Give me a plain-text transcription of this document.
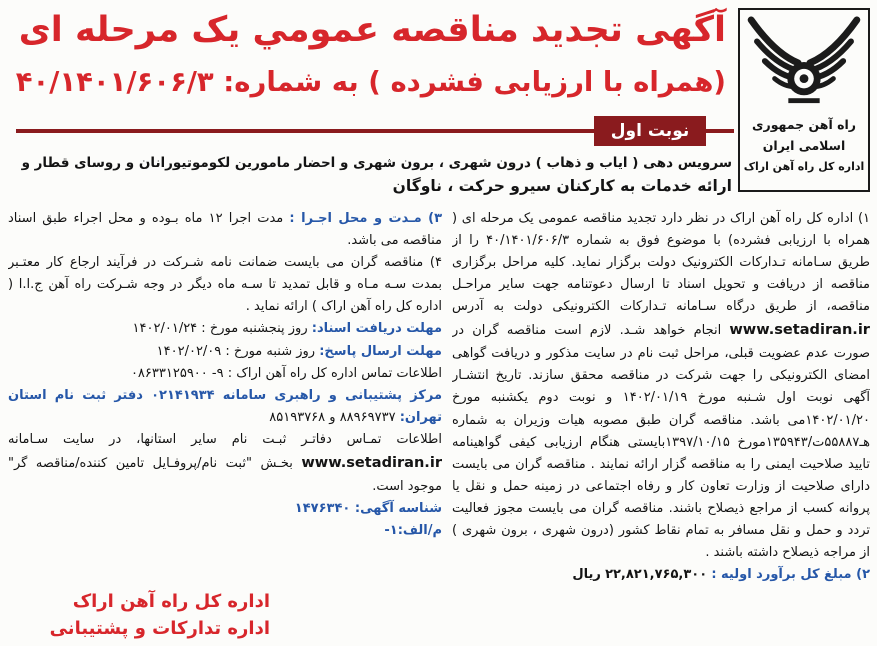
راه آهن جمهوری
اسلامی ایران
اداره کل راه آهن اراک
آگهی تجدید مناقصه عمومي يک مرحله ای
(همراه با ارزیابی فشرده ) به شماره: ۴۰/۱۴۰۱/۶۰۶/۳
نوبت اول
سرویس دهی ( ایاب و ذهاب ) درون شهری ، برون شهری و احضار مامورین لکوموتیورانان و روسای قطار و
ارائه خدمات به کارکنان سیرو حرکت ، ناوگان

۱) اداره کل راه آهن اراک در نظر دارد تجدید مناقصه عمومی یک مرحله ای ( همراه با ارزیابی فشرده) با موضوع فوق به شماره ۴۰/۱۴۰۱/۶۰۶/۳ را از طریق سـامانه تـدارکات الکترونیک دولت برگزار نماید. کلیه مراحل برگزاری مناقصه از دریافت و تحویل اسناد تا ارسال دعوتنامه جهت سایر مراحـل مناقصه، از طریق درگاه سـامانه تـدارکات الکترونیکی دولت به آدرس www.setadiran.ir انجام خواهد شـد. لازم است مناقصه گران در صورت عدم عضویت قبلی، مراحل ثبت نام در سایت مذکور و دریافت گواهی امضای الکترونیکی را جهت شرکت در مناقصه محقق سازند. تاریخ انتشـار آگهی نوبت اول شـنبه مورخ ۱۴۰۲/۰۱/۱۹ و نوبت دوم یکشنبه مورخ ۱۴۰۲/۰۱/۲۰می باشد. مناقصه گران طبق مصوبه هیات وزیران به شماره هـ۵۵۸۸۷ت/۱۳۵۹۴۳مورخ ۱۳۹۷/۱۰/۱۵بایستی هنگام ارزیابی کیفی گواهینامه تایید صلاحیت ایمنی را به مناقصه گزار ارائه نمایند . مناقصه گران می بایست دارای صلاحیت از وزارت تعاون کار و رفاه اجتماعی در زمینه حمل و نقل یا پروانه کسب از مراجع ذیصلاح باشند. مناقصه گران می بایست مجوز فعالیت تردد و حمل و نقل مسافر به تمام نقاط کشور (درون شهری ، برون شهری ) از مراجه ذیصلاح داشته باشند .

۲) مبلغ کل برآورد اولیه : ۲۲,۸۲۱,۷۶۵,۳۰۰ ریال

۳) مـدت و محل اجـرا : مدت اجرا ۱۲ ماه بـوده و محل اجراء طبق اسناد مناقصه می باشد.

۴) مناقصه گران می بایست ضمانت نامه شـرکت در فرآیند ارجاع کار معتـبر بمدت سـه مـاه و قابل تمدید تا سـه ماه دیگر در وجه شـرکت راه آهن ج.ا.ا ( اداره کل راه آهن اراک ) ارائه نماید .

مهلت دریافت اسناد: روز پنجشنبه مورخ : ۱۴۰۲/۰۱/۲۴

مهلت ارسال پاسخ: روز شنبه مورخ : ۱۴۰۲/۰۲/۰۹

اطلاعات تماس اداره کل راه آهن اراک : ۹- ۰۸۶۳۳۱۲۵۹۰۰

مرکز پشتیبانی و راهبری سامانه ۰۲۱۴۱۹۳۴ دفتر ثبت نام استان تهران: ۸۸۹۶۹۷۳۷ و ۸۵۱۹۳۷۶۸

اطلاعات تمـاس دفاتـر ثبـت نام سایر استانها، در سایت سـامانه www.setadiran.ir بخـش "ثبت نام/پروفـایل تامین کننده/مناقصه گر" موجود است.

شناسه آگهی: ۱۴۷۶۳۴۰

م/الف:۱-

اداره کل راه آهن اراک
اداره تدارکات و پشتیبانی
